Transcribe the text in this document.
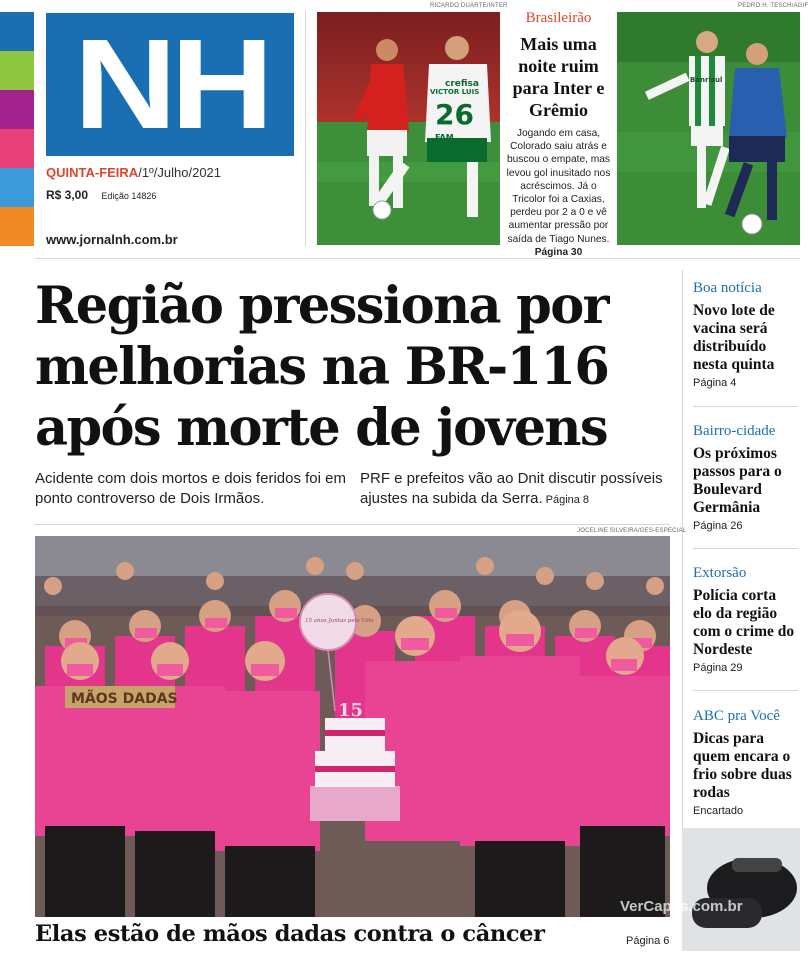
NH
QUINTA-FEIRA/1º/Julho/2021
R$ 3,00 Edição 14826
www.jornalnh.com.br
RICARDO DUARTE/INTER
crefisa
VICTOR LUIS
26
FAM
Brasileirão
Mais uma noite ruim para Inter e Grêmio
Jogando em casa, Colorado saiu atrás e buscou o empate, mas levou gol inusitado nos acréscimos. Já o Tricolor foi a Caxias, perdeu por 2 a 0 e vê aumentar pressão por saída de Tiago Nunes.
Página 30
PEDRO H. TESCH/AGIF
Banrisul
Região pressiona por melhorias na BR-116 após morte de jovens
Acidente com dois mortos e dois feridos foi em ponto controverso de Dois Irmãos.
PRF e prefeitos vão ao Dnit discutir possíveis ajustes na subida da Serra. Página 8
JOCELINE SILVEIRA/GES-ESPECIAL
MÃOS DADAS
15 anos Juntas pela Vida
15
Elas estão de mãos dadas contra o câncer	Página 6
Boa notícia
Novo lote de vacina será distribuído nesta quinta
Página 4
Bairro-cidade
Os próximos passos para o Boulevard Germânia
Página 26
Extorsão
Polícia corta elo da região com o crime do Nordeste
Página 29
ABC pra Você
Dicas para quem encara o frio sobre duas rodas
Encartado
VerCapas.com.br
